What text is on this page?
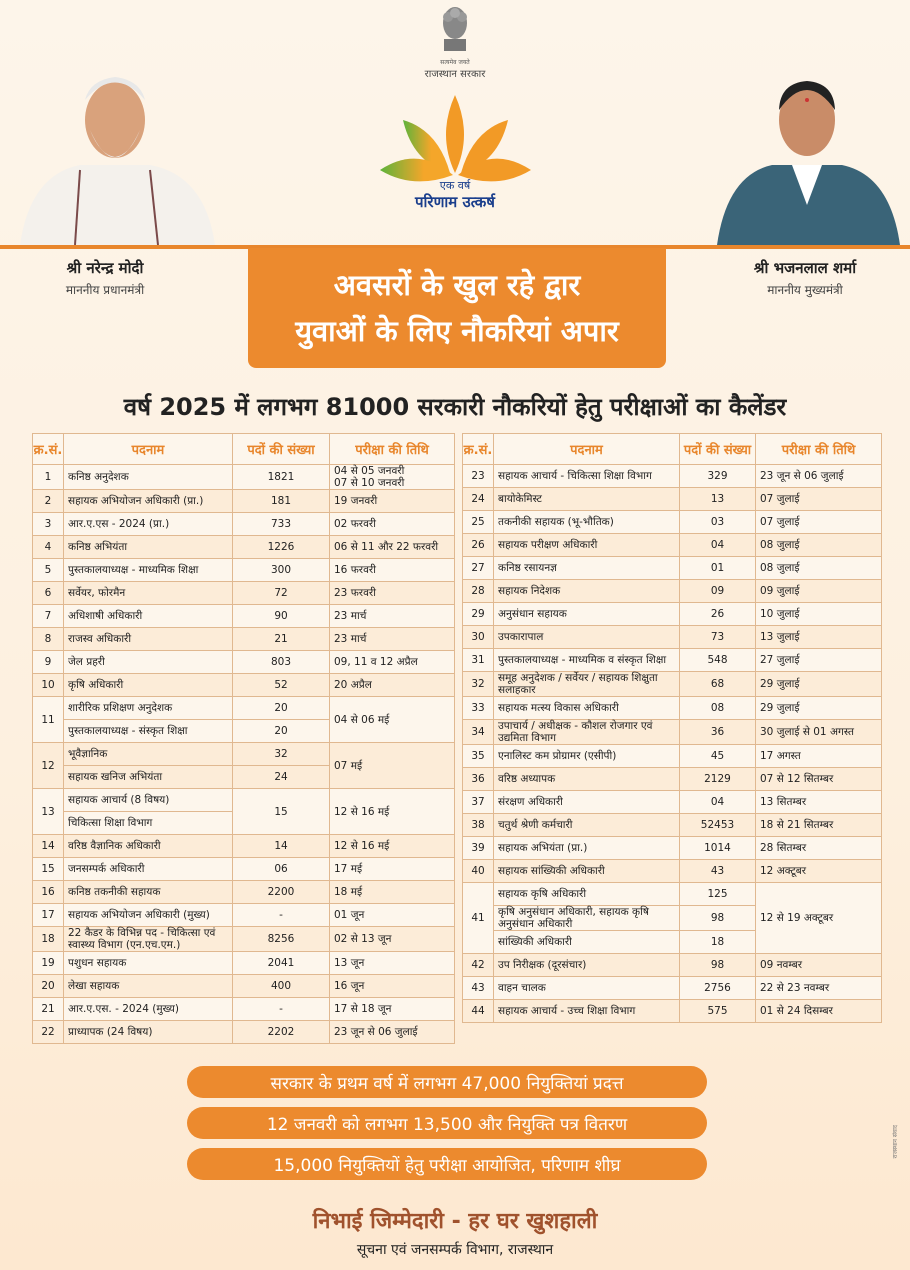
सत्यमेव जयते
राजस्थान सरकार
एक वर्ष
परिणाम उत्कर्ष
श्री नरेन्द्र मोदी
माननीय प्रधानमंत्री
श्री भजनलाल शर्मा
माननीय मुख्यमंत्री
अवसरों के खुल रहे द्वार
युवाओं के लिए नौकरियां अपार
वर्ष 2025 में लगभग 81000 सरकारी नौकरियों हेतु परीक्षाओं का कैलेंडर
क्र.सं.	पदनाम	पदों की संख्या	परीक्षा की तिथि
1	कनिष्ठ अनुदेशक	1821	04 से 05 जनवरी
07 से 10 जनवरी
2	सहायक अभियोजन अधिकारी (प्रा.)	181	19 जनवरी
3	आर.ए.एस - 2024 (प्रा.)	733	02 फरवरी
4	कनिष्ठ अभियंता	1226	06 से 11 और 22 फरवरी
5	पुस्तकालयाध्यक्ष - माध्यमिक शिक्षा	300	16 फरवरी
6	सर्वेयर, फोरमैन	72	23 फरवरी
7	अधिशाषी अधिकारी	90	23 मार्च
8	राजस्व अधिकारी	21	23 मार्च
9	जेल प्रहरी	803	09, 11 व 12 अप्रैल
10	कृषि अधिकारी	52	20 अप्रैल
11	शारीरिक प्रशिक्षण अनुदेशक	20	04 से 06 मई
	पुस्तकालयाध्यक्ष - संस्कृत शिक्षा	20	
12	भूवैज्ञानिक	32	07 मई
	सहायक खनिज अभियंता	24	
13	सहायक आचार्य (8 विषय)	15	12 से 16 मई
	चिकित्सा शिक्षा विभाग		
14	वरिष्ठ वैज्ञानिक अधिकारी	14	12 से 16 मई
15	जनसम्पर्क अधिकारी	06	17 मई
16	कनिष्ठ तकनीकी सहायक	2200	18 मई
17	सहायक अभियोजन अधिकारी (मुख्य)	-	01 जून
18	22 कैडर के विभिन्न पद - चिकित्सा एवं स्वास्थ्य विभाग (एन.एच.एम.)	8256	02 से 13 जून
19	पशुधन सहायक	2041	13 जून
20	लेखा सहायक	400	16 जून
21	आर.ए.एस. - 2024 (मुख्य)	-	17 से 18 जून
22	प्राध्यापक (24 विषय)	2202	23 जून से 06 जुलाई
क्र.सं.	पदनाम	पदों की संख्या	परीक्षा की तिथि
23	सहायक आचार्य - चिकित्सा शिक्षा विभाग	329	23 जून से 06 जुलाई
24	बायोकेमिस्ट	13	07 जुलाई
25	तकनीकी सहायक (भू-भौतिक)	03	07 जुलाई
26	सहायक परीक्षण अधिकारी	04	08 जुलाई
27	कनिष्ठ रसायनज्ञ	01	08 जुलाई
28	सहायक निदेशक	09	09 जुलाई
29	अनुसंधान सहायक	26	10 जुलाई
30	उपकारापाल	73	13 जुलाई
31	पुस्तकालयाध्यक्ष - माध्यमिक व संस्कृत शिक्षा	548	27 जुलाई
32	समूह अनुदेशक / सर्वेयर / सहायक शिक्षुता सलाहकार	68	29 जुलाई
33	सहायक मत्स्य विकास अधिकारी	08	29 जुलाई
34	उपाचार्य / अधीक्षक - कौशल रोजगार एवं उद्यमिता विभाग	36	30 जुलाई से 01 अगस्त
35	एनालिस्ट कम प्रोग्रामर (एसीपी)	45	17 अगस्त
36	वरिष्ठ अध्यापक	2129	07 से 12 सितम्बर
37	संरक्षण अधिकारी	04	13 सितम्बर
38	चतुर्थ श्रेणी कर्मचारी	52453	18 से 21 सितम्बर
39	सहायक अभियंता (प्रा.)	1014	28 सितम्बर
40	सहायक सांख्यिकी अधिकारी	43	12 अक्टूबर
41	सहायक कृषि अधिकारी	125	12 से 19 अक्टूबर
	कृषि अनुसंधान अधिकारी, सहायक कृषि अनुसंधान अधिकारी	98	
	सांख्यिकी अधिकारी	18	
42	उप निरीक्षक (दूरसंचार)	98	09 नवम्बर
43	वाहन चालक	2756	22 से 23 नवम्बर
44	सहायक आचार्य - उच्च शिक्षा विभाग	575	01 से 24 दिसम्बर
सरकार के प्रथम वर्ष में लगभग 47,000 नियुक्तियां प्रदत्त
12 जनवरी को लगभग 13,500 और नियुक्ति पत्र वितरण
15,000 नियुक्तियों हेतु परीक्षा आयोजित, परिणाम शीघ्र
निभाई जिम्मेदारी - हर घर खुशहाली
सूचना एवं जनसम्पर्क विभाग, राजस्थान
राजस्थान संवाद
